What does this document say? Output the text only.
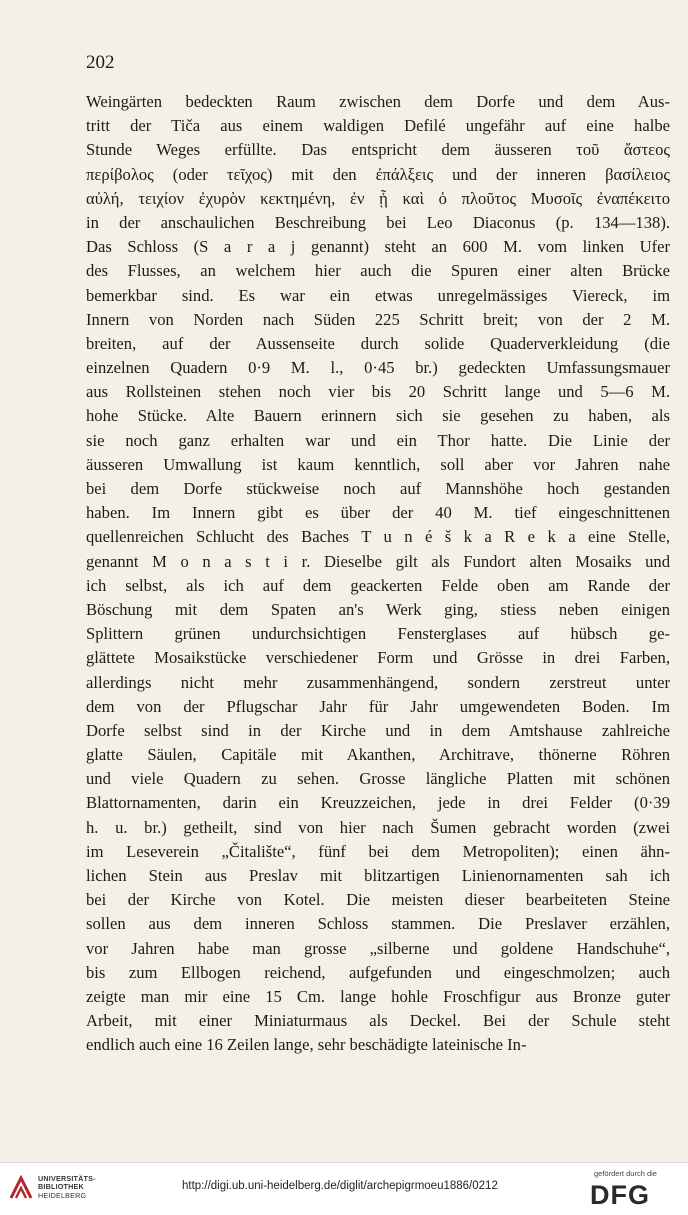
202
Weingärten bedeckten Raum zwischen dem Dorfe und dem Aus-
tritt der Tiča aus einem waldigen Defilé ungefähr auf eine halbe
Stunde Weges erfüllte. Das entspricht dem äusseren τοῦ ἄστεος
περίβολος (oder τεῖχος) mit den ἐπάλξεις und der inneren βασίλειος
αὐλή, τειχίον ἐχυρὸν κεκτημένη, ἐν ᾗ καὶ ὁ πλοῦτος Μυσοῖς ἐναπέκειτο
in der anschaulichen Beschreibung bei Leo Diaconus (p. 134—138).
Das Schloss (S a r a j genannt) steht an 600 M. vom linken Ufer
des Flusses, an welchem hier auch die Spuren einer alten Brücke
bemerkbar sind. Es war ein etwas unregelmässiges Viereck, im
Innern von Norden nach Süden 225 Schritt breit; von der 2 M.
breiten, auf der Aussenseite durch solide Quaderverkleidung (die
einzelnen Quadern 0·9 M. l., 0·45 br.) gedeckten Umfassungsmauer
aus Rollsteinen stehen noch vier bis 20 Schritt lange und 5—6 M.
hohe Stücke. Alte Bauern erinnern sich sie gesehen zu haben, als
sie noch ganz erhalten war und ein Thor hatte. Die Linie der
äusseren Umwallung ist kaum kenntlich, soll aber vor Jahren nahe
bei dem Dorfe stückweise noch auf Mannshöhe hoch gestanden
haben. Im Innern gibt es über der 40 M. tief eingeschnittenen
quellenreichen Schlucht des Baches T u n é š k a R e k a eine Stelle,
genannt M o n a s t i r. Dieselbe gilt als Fundort alten Mosaiks und
ich selbst, als ich auf dem geackerten Felde oben am Rande der
Böschung mit dem Spaten an's Werk ging, stiess neben einigen
Splittern grünen undurchsichtigen Fensterglases auf hübsch ge-
glättete Mosaikstücke verschiedener Form und Grösse in drei Farben,
allerdings nicht mehr zusammenhängend, sondern zerstreut unter
dem von der Pflugschar Jahr für Jahr umgewendeten Boden. Im
Dorfe selbst sind in der Kirche und in dem Amtshause zahlreiche
glatte Säulen, Capitäle mit Akanthen, Architrave, thönerne Röhren
und viele Quadern zu sehen. Grosse längliche Platten mit schönen
Blattornamenten, darin ein Kreuzzeichen, jede in drei Felder (0·39
h. u. br.) getheilt, sind von hier nach Šumen gebracht worden (zwei
im Leseverein „Čitalište“, fünf bei dem Metropoliten); einen ähn-
lichen Stein aus Preslav mit blitzartigen Linienornamenten sah ich
bei der Kirche von Kotel. Die meisten dieser bearbeiteten Steine
sollen aus dem inneren Schloss stammen. Die Preslaver erzählen,
vor Jahren habe man grosse „silberne und goldene Handschuhe“,
bis zum Ellbogen reichend, aufgefunden und eingeschmolzen; auch
zeigte man mir eine 15 Cm. lange hohle Froschfigur aus Bronze guter
Arbeit, mit einer Miniaturmaus als Deckel. Bei der Schule steht
endlich auch eine 16 Zeilen lange, sehr beschädigte lateinische In-
UNIVERSITÄTS-
BIBLIOTHEK
HEIDELBERG
http://digi.ub.uni-heidelberg.de/diglit/archepigrmoeu1886/0212
gefördert durch die
DFG
